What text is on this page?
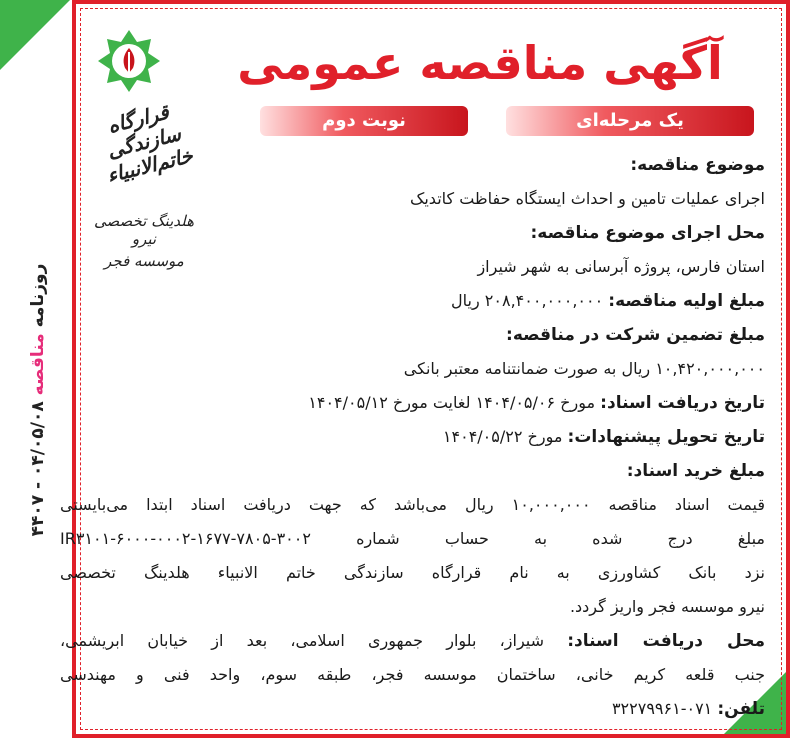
روزنامه مناقصه ۰۴/۰۵/۰۸ - ۴۴۰۷
قرارگاه سازندگی خاتم‌الانبیاء
هلدینگ تخصصی نیرو
موسسه فجر
آگهی مناقصه عمومی
یک مرحله‌ای
نوبت دوم
موضوع مناقصه:
اجرای عملیات تامین و احداث ایستگاه حفاظت کاتدیک
محل اجرای موضوع مناقصه:
استان فارس، پروژه آبرسانی به شهر شیراز
مبلغ اولیه مناقصه: ۲۰۸,۴۰۰,۰۰۰,۰۰۰ ریال
مبلغ تضمین شرکت در مناقصه:
۱۰,۴۲۰,۰۰۰,۰۰۰ ریال به صورت ضمانتنامه معتبر بانکی
تاریخ دریافت اسناد: مورخ ۱۴۰۴/۰۵/۰۶ لغایت مورخ ۱۴۰۴/۰۵/۱۲
تاریخ تحویل پیشنهادات: مورخ ۱۴۰۴/۰۵/۲۲
مبلغ خرید اسناد:
قیمت اسناد مناقصه ۱۰,۰۰۰,۰۰۰ ریال می‌باشد که جهت دریافت اسناد ابتدا می‌بایستی
مبلغ درج شده به حساب شماره IR۳۱۰۱-۶۰۰۰-۰۰۰۲-۱۶۷۷-۷۸۰۵-۳۰۰۲
نزد بانک کشاورزی به نام قرارگاه سازندگی خاتم الانبیاء هلدینگ تخصصی
نیرو موسسه فجر واریز گردد.
محل دریافت اسناد: شیراز، بلوار جمهوری اسلامی، بعد از خیابان ابریشمی،
جنب قلعه کریم خانی، ساختمان موسسه فجر، طبقه سوم، واحد فنی و مهندسی
تلفن: ۰۷۱-۳۲۲۷۹۹۶۱
